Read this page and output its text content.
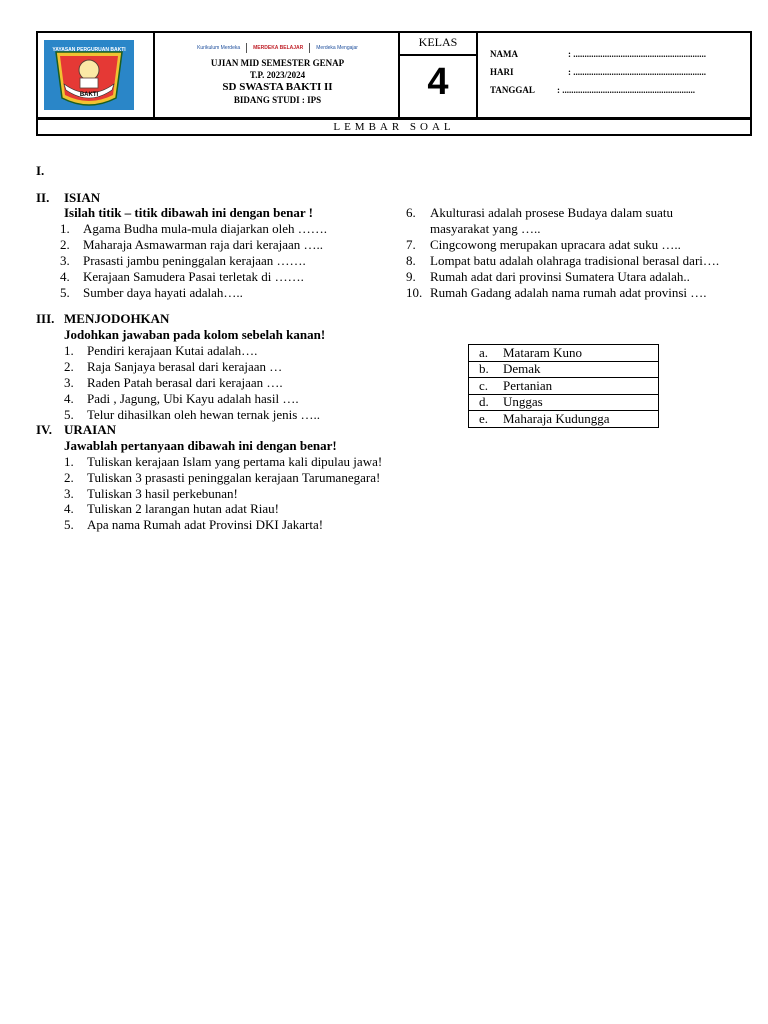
BAKTI
YAYASAN PERGURUAN BAKTI	Kurikulum Merdeka	MERDEKA BELAJAR	Merdeka Mengajar
UJIAN MID SEMESTER GENAP
T.P. 2023/2024
SD SWASTA BAKTI II
BIDANG STUDI : IPS
KELAS
4
NAMA	: ...........................................................
HARI	: ...........................................................
TANGGAL : ...........................................................
LEMBAR SOAL
I.
II. ISIAN
Isilah titik – titik dibawah ini dengan benar !
1. Agama Budha mula-mula diajarkan oleh …….
2. Maharaja Asmawarman raja dari kerajaan …..
3. Prasasti jambu peninggalan kerajaan …….
4. Kerajaan Samudera Pasai terletak di …….
5. Sumber daya hayati adalah…..
6. Akulturasi adalah prosese Budaya dalam suatu
masyarakat yang …..
7. Cingcowong merupakan upracara adat suku …..
8. Lompat batu adalah olahraga tradisional berasal dari….
9. Rumah adat dari provinsi Sumatera Utara adalah..
10. Rumah Gadang adalah nama rumah adat provinsi ….
III. MENJODOHKAN
Jodohkan jawaban pada kolom sebelah kanan!
1. Pendiri kerajaan Kutai adalah….
2. Raja Sanjaya berasal dari kerajaan …
3. Raden Patah berasal dari kerajaan ….
4. Padi , Jagung, Ubi Kayu adalah hasil ….
5. Telur dihasilkan oleh hewan ternak jenis …..
a. Mataram Kuno
b. Demak
c. Pertanian
d. Unggas
e. Maharaja Kudungga
IV. URAIAN
Jawablah pertanyaan dibawah ini dengan benar!
1. Tuliskan kerajaan Islam yang pertama kali dipulau jawa!
2. Tuliskan 3 prasasti peninggalan kerajaan Tarumanegara!
3. Tuliskan 3 hasil perkebunan!
4. Tuliskan 2 larangan hutan adat Riau!
5. Apa nama Rumah adat Provinsi DKI Jakarta!
